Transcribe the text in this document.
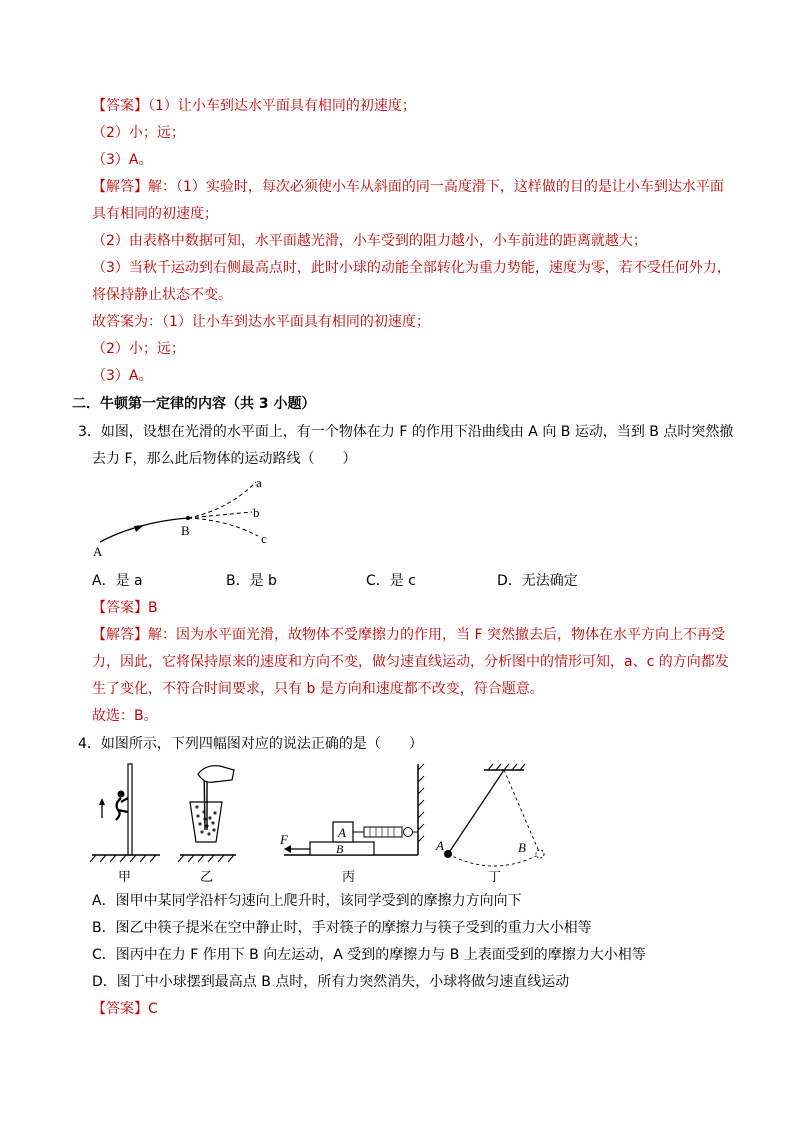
【答案】（1）让小车到达水平面具有相同的初速度；
（2）小；远；
（3）A。
【解答】解：（1）实验时，每次必须使小车从斜面的同一高度滑下，这样做的目的是让小车到达水平面
具有相同的初速度；
（2）由表格中数据可知，水平面越光滑，小车受到的阻力越小，小车前进的距离就越大；
（3）当秋千运动到右侧最高点时，此时小球的动能全部转化为重力势能，速度为零，若不受任何外力，
将保持静止状态不变。
故答案为：（1）让小车到达水平面具有相同的初速度；
（2）小；远；
（3）A。
二．牛顿第一定律的内容（共 3 小题）
3．如图，设想在光滑的水平面上，有一个物体在力 F 的作用下沿曲线由 A 向 B 运动，当到 B 点时突然撤
去力 F，那么此后物体的运动路线（　　）
a
b
c
A
B
A．是 a	B．是 b	C．是 c	D．无法确定
【答案】B
【解答】解：因为水平面光滑，故物体不受摩擦力的作用，当 F 突然撤去后，物体在水平方向上不再受
力，因此，它将保持原来的速度和方向不变，做匀速直线运动，分析图中的情形可知，a、c 的方向都发
生了变化，不符合时间要求，只有 b 是方向和速度都不改变，符合题意。
故选：B。
4．如图所示，下列四幅图对应的说法正确的是（　　）
F	A
B	A	B
甲	乙	丙	丁
A．图甲中某同学沿杆匀速向上爬升时，该同学受到的摩擦力方向向下
B．图乙中筷子提米在空中静止时，手对筷子的摩擦力与筷子受到的重力大小相等
C．图丙中在力 F 作用下 B 向左运动，A 受到的摩擦力与 B 上表面受到的摩擦力大小相等
D．图丁中小球摆到最高点 B 点时，所有力突然消失，小球将做匀速直线运动
【答案】C
